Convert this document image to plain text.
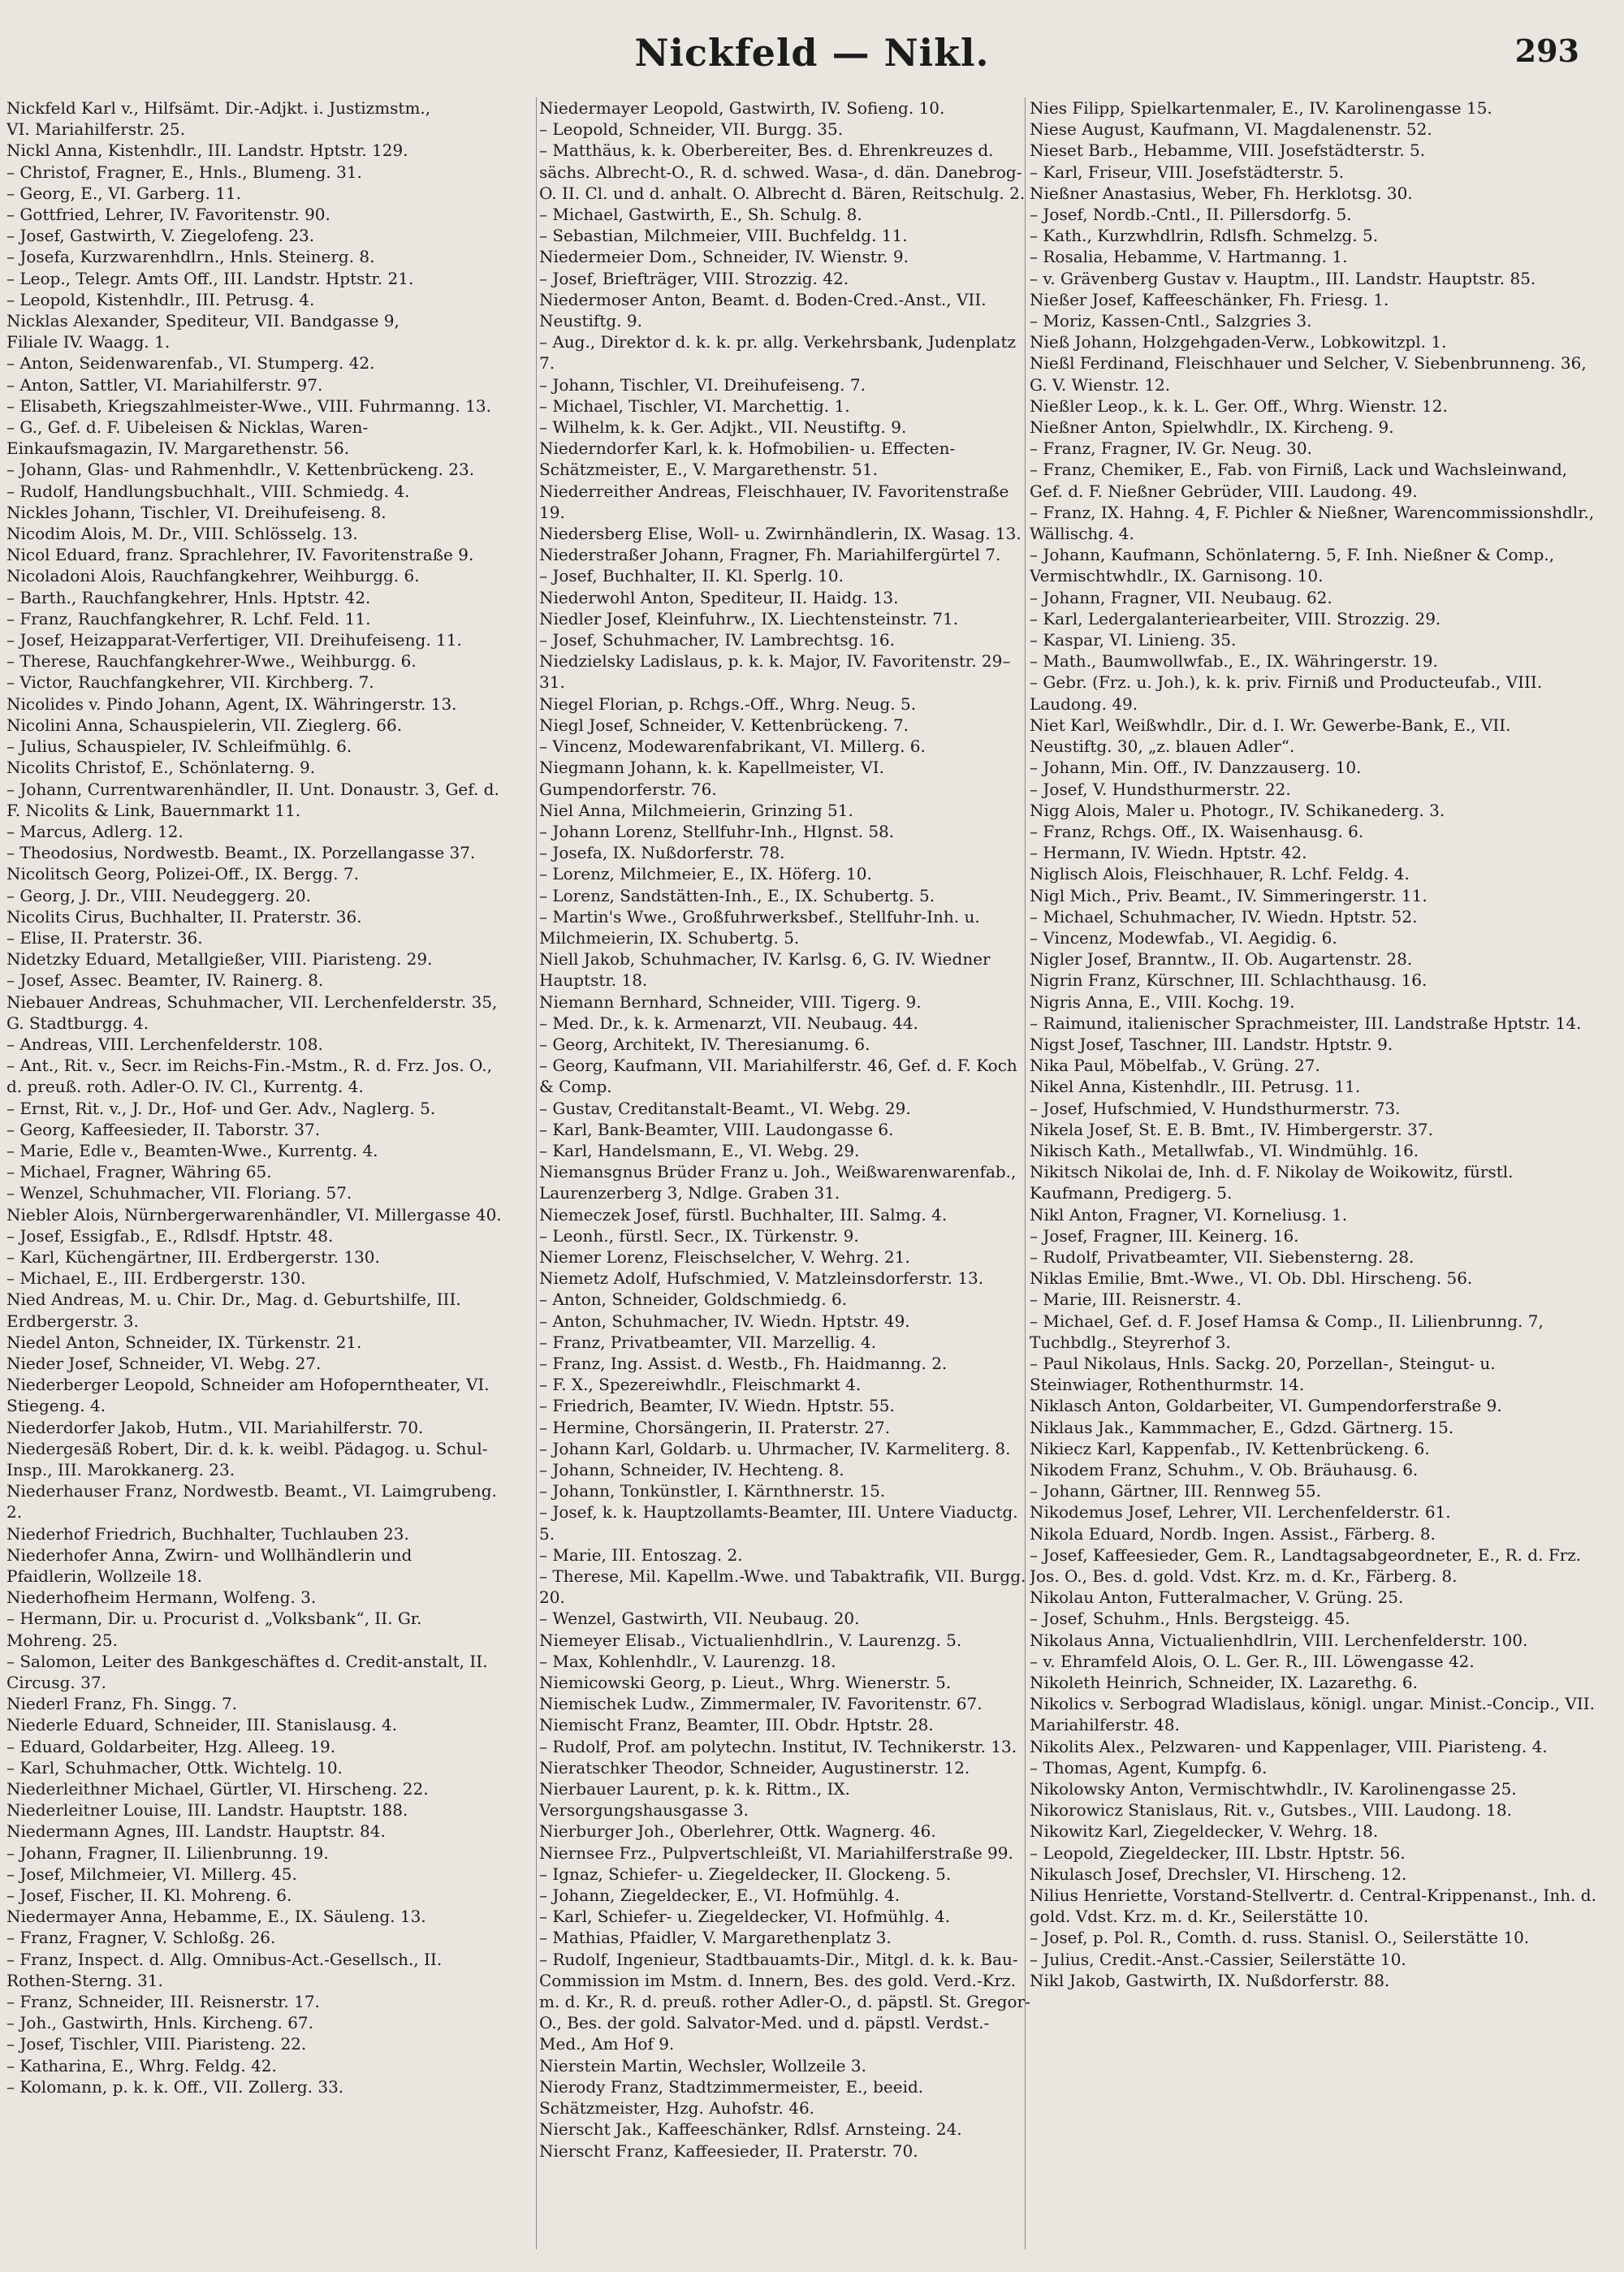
Nickfeld — Nikl.	293

Nickfeld Karl v., Hilfsämt. Dir.-Adjkt. i. Justizmstm.,
VI. Mariahilferstr. 25.

Nickl Anna, Kistenhdlr., III. Landstr. Hptstr. 129.

– Christof, Fragner, E., Hnls., Blumeng. 31.

– Georg, E., VI. Garberg. 11.

– Gottfried, Lehrer, IV. Favoritenstr. 90.

– Josef, Gastwirth, V. Ziegelofeng. 23.

– Josefa, Kurzwarenhdlrn., Hnls. Steinerg. 8.

– Leop., Telegr. Amts Off., III. Landstr. Hptstr. 21.

– Leopold, Kistenhdlr., III. Petrusg. 4.

Nicklas Alexander, Spediteur, VII. Bandgasse 9,
Filiale IV. Waagg. 1.

– Anton, Seidenwarenfab., VI. Stumperg. 42.

– Anton, Sattler, VI. Mariahilferstr. 97.

– Elisabeth, Kriegszahlmeister-Wwe., VIII. Fuhrmanng. 13.

– G., Gef. d. F. Uibeleisen & Nicklas, Waren-Einkaufsmagazin, IV. Margarethenstr. 56.

– Johann, Glas- und Rahmenhdlr., V. Kettenbrückeng. 23.

– Rudolf, Handlungsbuchhalt., VIII. Schmiedg. 4.

Nickles Johann, Tischler, VI. Dreihufeiseng. 8.

Nicodim Alois, M. Dr., VIII. Schlösselg. 13.

Nicol Eduard, franz. Sprachlehrer, IV. Favoritenstraße 9.

Nicoladoni Alois, Rauchfangkehrer, Weihburgg. 6.

– Barth., Rauchfangkehrer, Hnls. Hptstr. 42.

– Franz, Rauchfangkehrer, R. Lchf. Feld. 11.

– Josef, Heizapparat-Verfertiger, VII. Dreihufeiseng. 11.

– Therese, Rauchfangkehrer-Wwe., Weihburgg. 6.

– Victor, Rauchfangkehrer, VII. Kirchberg. 7.

Nicolides v. Pindo Johann, Agent, IX. Währingerstr. 13.

Nicolini Anna, Schauspielerin, VII. Zieglerg. 66.

– Julius, Schauspieler, IV. Schleifmühlg. 6.

Nicolits Christof, E., Schönlaterng. 9.

– Johann, Currentwarenhändler, II. Unt. Donaustr. 3, Gef. d. F. Nicolits & Link, Bauernmarkt 11.

– Marcus, Adlerg. 12.

– Theodosius, Nordwestb. Beamt., IX. Porzellangasse 37.

Nicolitsch Georg, Polizei-Off., IX. Bergg. 7.

– Georg, J. Dr., VIII. Neudeggerg. 20.

Nicolits Cirus, Buchhalter, II. Praterstr. 36.

– Elise, II. Praterstr. 36.

Nidetzky Eduard, Metallgießer, VIII. Piaristeng. 29.

– Josef, Assec. Beamter, IV. Rainerg. 8.

Niebauer Andreas, Schuhmacher, VII. Lerchenfelderstr. 35, G. Stadtburgg. 4.

– Andreas, VIII. Lerchenfelderstr. 108.

– Ant., Rit. v., Secr. im Reichs-Fin.-Mstm., R. d. Frz. Jos. O., d. preuß. roth. Adler-O. IV. Cl., Kurrentg. 4.

– Ernst, Rit. v., J. Dr., Hof- und Ger. Adv., Naglerg. 5.

– Georg, Kaffeesieder, II. Taborstr. 37.

– Marie, Edle v., Beamten-Wwe., Kurrentg. 4.

– Michael, Fragner, Währing 65.

– Wenzel, Schuhmacher, VII. Floriang. 57.

Niebler Alois, Nürnbergerwarenhändler, VI. Millergasse 40.

– Josef, Essigfab., E., Rdlsdf. Hptstr. 48.

– Karl, Küchengärtner, III. Erdbergerstr. 130.

– Michael, E., III. Erdbergerstr. 130.

Nied Andreas, M. u. Chir. Dr., Mag. d. Geburtshilfe, III. Erdbergerstr. 3.

Niedel Anton, Schneider, IX. Türkenstr. 21.

Nieder Josef, Schneider, VI. Webg. 27.

Niederberger Leopold, Schneider am Hofoperntheater, VI. Stiegeng. 4.

Niederdorfer Jakob, Hutm., VII. Mariahilferstr. 70.

Niedergesäß Robert, Dir. d. k. k. weibl. Pädagog. u. Schul-Insp., III. Marokkanerg. 23.

Niederhauser Franz, Nordwestb. Beamt., VI. Laimgrubeng. 2.

Niederhof Friedrich, Buchhalter, Tuchlauben 23.

Niederhofer Anna, Zwirn- und Wollhändlerin und Pfaidlerin, Wollzeile 18.

Niederhofheim Hermann, Wolfeng. 3.

– Hermann, Dir. u. Procurist d. „Volksbank“, II. Gr. Mohreng. 25.

– Salomon, Leiter des Bankgeschäftes d. Credit-anstalt, II. Circusg. 37.

Niederl Franz, Fh. Singg. 7.

Niederle Eduard, Schneider, III. Stanislausg. 4.

– Eduard, Goldarbeiter, Hzg. Alleeg. 19.

– Karl, Schuhmacher, Ottk. Wichtelg. 10.

Niederleithner Michael, Gürtler, VI. Hirscheng. 22.

Niederleitner Louise, III. Landstr. Hauptstr. 188.

Niedermann Agnes, III. Landstr. Hauptstr. 84.

– Johann, Fragner, II. Lilienbrunng. 19.

– Josef, Milchmeier, VI. Millerg. 45.

– Josef, Fischer, II. Kl. Mohreng. 6.

Niedermayer Anna, Hebamme, E., IX. Säuleng. 13.

– Franz, Fragner, V. Schloßg. 26.

– Franz, Inspect. d. Allg. Omnibus-Act.-Gesellsch., II. Rothen-Sterng. 31.

– Franz, Schneider, III. Reisnerstr. 17.

– Joh., Gastwirth, Hnls. Kircheng. 67.

– Josef, Tischler, VIII. Piaristeng. 22.

– Katharina, E., Whrg. Feldg. 42.

– Kolomann, p. k. k. Off., VII. Zollerg. 33.

Niedermayer Leopold, Gastwirth, IV. Sofieng. 10.

– Leopold, Schneider, VII. Burgg. 35.

– Matthäus, k. k. Oberbereiter, Bes. d. Ehrenkreuzes d. sächs. Albrecht-O., R. d. schwed. Wasa-, d. dän. Danebrog-O. II. Cl. und d. anhalt. O. Albrecht d. Bären, Reitschulg. 2.

– Michael, Gastwirth, E., Sh. Schulg. 8.

– Sebastian, Milchmeier, VIII. Buchfeldg. 11.

Niedermeier Dom., Schneider, IV. Wienstr. 9.

– Josef, Briefträger, VIII. Strozzig. 42.

Niedermoser Anton, Beamt. d. Boden-Cred.-Anst., VII. Neustiftg. 9.

– Aug., Direktor d. k. k. pr. allg. Verkehrsbank, Judenplatz 7.

– Johann, Tischler, VI. Dreihufeiseng. 7.

– Michael, Tischler, VI. Marchettig. 1.

– Wilhelm, k. k. Ger. Adjkt., VII. Neustiftg. 9.

Niederndorfer Karl, k. k. Hofmobilien- u. Effecten-Schätzmeister, E., V. Margarethenstr. 51.

Niederreither Andreas, Fleischhauer, IV. Favoritenstraße 19.

Niedersberg Elise, Woll- u. Zwirnhändlerin, IX. Wasag. 13.

Niederstraßer Johann, Fragner, Fh. Mariahilfergürtel 7.

– Josef, Buchhalter, II. Kl. Sperlg. 10.

Niederwohl Anton, Spediteur, II. Haidg. 13.

Niedler Josef, Kleinfuhrw., IX. Liechtensteinstr. 71.

– Josef, Schuhmacher, IV. Lambrechtsg. 16.

Niedzielsky Ladislaus, p. k. k. Major, IV. Favoritenstr. 29–31.

Niegel Florian, p. Rchgs.-Off., Whrg. Neug. 5.

Niegl Josef, Schneider, V. Kettenbrückeng. 7.

– Vincenz, Modewarenfabrikant, VI. Millerg. 6.

Niegmann Johann, k. k. Kapellmeister, VI. Gumpendorferstr. 76.

Niel Anna, Milchmeierin, Grinzing 51.

– Johann Lorenz, Stellfuhr-Inh., Hlgnst. 58.

– Josefa, IX. Nußdorferstr. 78.

– Lorenz, Milchmeier, E., IX. Höferg. 10.

– Lorenz, Sandstätten-Inh., E., IX. Schubertg. 5.

– Martin's Wwe., Großfuhrwerksbef., Stellfuhr-Inh. u. Milchmeierin, IX. Schubertg. 5.

Niell Jakob, Schuhmacher, IV. Karlsg. 6, G. IV. Wiedner Hauptstr. 18.

Niemann Bernhard, Schneider, VIII. Tigerg. 9.

– Med. Dr., k. k. Armenarzt, VII. Neubaug. 44.

– Georg, Architekt, IV. Theresianumg. 6.

– Georg, Kaufmann, VII. Mariahilferstr. 46, Gef. d. F. Koch & Comp.

– Gustav, Creditanstalt-Beamt., VI. Webg. 29.

– Karl, Bank-Beamter, VIII. Laudongasse 6.

– Karl, Handelsmann, E., VI. Webg. 29.

Niemansgnus Brüder Franz u. Joh., Weißwarenwarenfab., Laurenzerberg 3, Ndlge. Graben 31.

Niemeczek Josef, fürstl. Buchhalter, III. Salmg. 4.

– Leonh., fürstl. Secr., IX. Türkenstr. 9.

Niemer Lorenz, Fleischselcher, V. Wehrg. 21.

Niemetz Adolf, Hufschmied, V. Matzleinsdorferstr. 13.

– Anton, Schneider, Goldschmiedg. 6.

– Anton, Schuhmacher, IV. Wiedn. Hptstr. 49.

– Franz, Privatbeamter, VII. Marzellig. 4.

– Franz, Ing. Assist. d. Westb., Fh. Haidmanng. 2.

– F. X., Spezereiwhdlr., Fleischmarkt 4.

– Friedrich, Beamter, IV. Wiedn. Hptstr. 55.

– Hermine, Chorsängerin, II. Praterstr. 27.

– Johann Karl, Goldarb. u. Uhrmacher, IV. Karmeliterg. 8.

– Johann, Schneider, IV. Hechteng. 8.

– Johann, Tonkünstler, I. Kärnthnerstr. 15.

– Josef, k. k. Hauptzollamts-Beamter, III. Untere Viaductg. 5.

– Marie, III. Entoszag. 2.

– Therese, Mil. Kapellm.-Wwe. und Tabaktrafik, VII. Burgg. 20.

– Wenzel, Gastwirth, VII. Neubaug. 20.

Niemeyer Elisab., Victualienhdlrin., V. Laurenzg. 5.

– Max, Kohlenhdlr., V. Laurenzg. 18.

Niemicowski Georg, p. Lieut., Whrg. Wienerstr. 5.

Niemischek Ludw., Zimmermaler, IV. Favoritenstr. 67.

Niemischt Franz, Beamter, III. Obdr. Hptstr. 28.

– Rudolf, Prof. am polytechn. Institut, IV. Technikerstr. 13.

Nieratschker Theodor, Schneider, Augustinerstr. 12.

Nierbauer Laurent, p. k. k. Rittm., IX. Versorgungshausgasse 3.

Nierburger Joh., Oberlehrer, Ottk. Wagnerg. 46.

Niernsee Frz., Pulpvertschleißt, VI. Mariahilferstraße 99.

– Ignaz, Schiefer- u. Ziegeldecker, II. Glockeng. 5.

– Johann, Ziegeldecker, E., VI. Hofmühlg. 4.

– Karl, Schiefer- u. Ziegeldecker, VI. Hofmühlg. 4.

– Mathias, Pfaidler, V. Margarethenplatz 3.

– Rudolf, Ingenieur, Stadtbauamts-Dir., Mitgl. d. k. k. Bau-Commission im Mstm. d. Innern, Bes. des gold. Verd.-Krz. m. d. Kr., R. d. preuß. rother Adler-O., d. päpstl. St. Gregor-O., Bes. der gold. Salvator-Med. und d. päpstl. Verdst.-Med., Am Hof 9.

Nierstein Martin, Wechsler, Wollzeile 3.

Nierody Franz, Stadtzimmermeister, E., beeid. Schätzmeister, Hzg. Auhofstr. 46.

Nierscht Jak., Kaffeeschänker, Rdlsf. Arnsteing. 24.

Nierscht Franz, Kaffeesieder, II. Praterstr. 70.

Nies Filipp, Spielkartenmaler, E., IV. Karolinengasse 15.

Niese August, Kaufmann, VI. Magdalenenstr. 52.

Nieset Barb., Hebamme, VIII. Josefstädterstr. 5.

– Karl, Friseur, VIII. Josefstädterstr. 5.

Nießner Anastasius, Weber, Fh. Herklotsg. 30.

– Josef, Nordb.-Cntl., II. Pillersdorfg. 5.

– Kath., Kurzwhdlrin, Rdlsfh. Schmelzg. 5.

– Rosalia, Hebamme, V. Hartmanng. 1.

– v. Grävenberg Gustav v. Hauptm., III. Landstr. Hauptstr. 85.

Nießer Josef, Kaffeeschänker, Fh. Friesg. 1.

– Moriz, Kassen-Cntl., Salzgries 3.

Nieß Johann, Holzgehgaden-Verw., Lobkowitzpl. 1.

Nießl Ferdinand, Fleischhauer und Selcher, V. Siebenbrunneng. 36, G. V. Wienstr. 12.

Nießler Leop., k. k. L. Ger. Off., Whrg. Wienstr. 12.

Nießner Anton, Spielwhdlr., IX. Kircheng. 9.

– Franz, Fragner, IV. Gr. Neug. 30.

– Franz, Chemiker, E., Fab. von Firniß, Lack und Wachsleinwand, Gef. d. F. Nießner Gebrüder, VIII. Laudong. 49.

– Franz, IX. Hahng. 4, F. Pichler & Nießner, Warencommissionshdlr., Wällischg. 4.

– Johann, Kaufmann, Schönlaterng. 5, F. Inh. Nießner & Comp., Vermischtwhdlr., IX. Garnisong. 10.

– Johann, Fragner, VII. Neubaug. 62.

– Karl, Ledergalanteriearbeiter, VIII. Strozzig. 29.

– Kaspar, VI. Linieng. 35.

– Math., Baumwollwfab., E., IX. Währingerstr. 19.

– Gebr. (Frz. u. Joh.), k. k. priv. Firniß und Producteufab., VIII. Laudong. 49.

Niet Karl, Weißwhdlr., Dir. d. I. Wr. Gewerbe-Bank, E., VII. Neustiftg. 30, „z. blauen Adler“.

– Johann, Min. Off., IV. Danzzauserg. 10.

– Josef, V. Hundsthurmerstr. 22.

Nigg Alois, Maler u. Photogr., IV. Schikanederg. 3.

– Franz, Rchgs. Off., IX. Waisenhausg. 6.

– Hermann, IV. Wiedn. Hptstr. 42.

Niglisch Alois, Fleischhauer, R. Lchf. Feldg. 4.

Nigl Mich., Priv. Beamt., IV. Simmeringerstr. 11.

– Michael, Schuhmacher, IV. Wiedn. Hptstr. 52.

– Vincenz, Modewfab., VI. Aegidig. 6.

Nigler Josef, Branntw., II. Ob. Augartenstr. 28.

Nigrin Franz, Kürschner, III. Schlachthausg. 16.

Nigris Anna, E., VIII. Kochg. 19.

– Raimund, italienischer Sprachmeister, III. Landstraße Hptstr. 14.

Nigst Josef, Taschner, III. Landstr. Hptstr. 9.

Nika Paul, Möbelfab., V. Grüng. 27.

Nikel Anna, Kistenhdlr., III. Petrusg. 11.

– Josef, Hufschmied, V. Hundsthurmerstr. 73.

Nikela Josef, St. E. B. Bmt., IV. Himbergerstr. 37.

Nikisch Kath., Metallwfab., VI. Windmühlg. 16.

Nikitsch Nikolai de, Inh. d. F. Nikolay de Woikowitz, fürstl. Kaufmann, Predigerg. 5.

Nikl Anton, Fragner, VI. Korneliusg. 1.

– Josef, Fragner, III. Keinerg. 16.

– Rudolf, Privatbeamter, VII. Siebensterng. 28.

Niklas Emilie, Bmt.-Wwe., VI. Ob. Dbl. Hirscheng. 56.

– Marie, III. Reisnerstr. 4.

– Michael, Gef. d. F. Josef Hamsa & Comp., II. Lilienbrunng. 7, Tuchbdlg., Steyrerhof 3.

– Paul Nikolaus, Hnls. Sackg. 20, Porzellan-, Steingut- u. Steinwiager, Rothenthurmstr. 14.

Niklasch Anton, Goldarbeiter, VI. Gumpendorferstraße 9.

Niklaus Jak., Kammmacher, E., Gdzd. Gärtnerg. 15.

Nikiecz Karl, Kappenfab., IV. Kettenbrückeng. 6.

Nikodem Franz, Schuhm., V. Ob. Bräuhausg. 6.

– Johann, Gärtner, III. Rennweg 55.

Nikodemus Josef, Lehrer, VII. Lerchenfelderstr. 61.

Nikola Eduard, Nordb. Ingen. Assist., Färberg. 8.

– Josef, Kaffeesieder, Gem. R., Landtagsabgeordneter, E., R. d. Frz. Jos. O., Bes. d. gold. Vdst. Krz. m. d. Kr., Färberg. 8.

Nikolau Anton, Futteralmacher, V. Grüng. 25.

– Josef, Schuhm., Hnls. Bergsteigg. 45.

Nikolaus Anna, Victualienhdlrin, VIII. Lerchenfelderstr. 100.

– v. Ehramfeld Alois, O. L. Ger. R., III. Löwengasse 42.

Nikoleth Heinrich, Schneider, IX. Lazarethg. 6.

Nikolics v. Serbograd Wladislaus, königl. ungar. Minist.-Concip., VII. Mariahilferstr. 48.

Nikolits Alex., Pelzwaren- und Kappenlager, VIII. Piaristeng. 4.

– Thomas, Agent, Kumpfg. 6.

Nikolowsky Anton, Vermischtwhdlr., IV. Karolinengasse 25.

Nikorowicz Stanislaus, Rit. v., Gutsbes., VIII. Laudong. 18.

Nikowitz Karl, Ziegeldecker, V. Wehrg. 18.

– Leopold, Ziegeldecker, III. Lbstr. Hptstr. 56.

Nikulasch Josef, Drechsler, VI. Hirscheng. 12.

Nilius Henriette, Vorstand-Stellvertr. d. Central-Krippenanst., Inh. d. gold. Vdst. Krz. m. d. Kr., Seilerstätte 10.

– Josef, p. Pol. R., Comth. d. russ. Stanisl. O., Seilerstätte 10.

– Julius, Credit.-Anst.-Cassier, Seilerstätte 10.

Nikl Jakob, Gastwirth, IX. Nußdorferstr. 88.
